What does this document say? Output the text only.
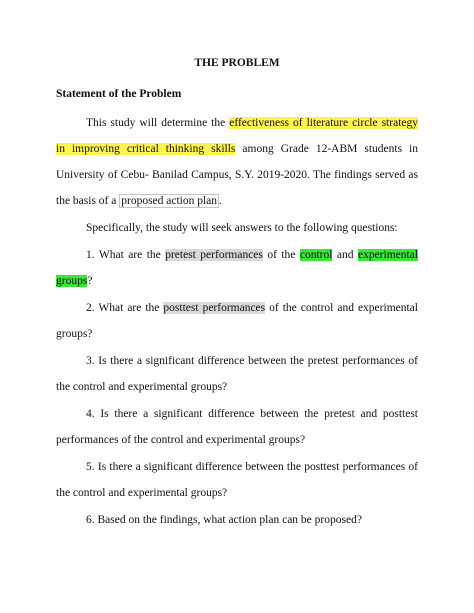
THE PROBLEM
Statement of the Problem

This study will determine the effectiveness of literature circle strategy in improving critical thinking skills among Grade 12-ABM students in University of Cebu- Banilad Campus, S.Y. 2019-2020. The findings served as the basis of a proposed action plan .

Specifically, the study will seek answers to the following questions:

1. What are the pretest performances of the control and experimental groups?

2. What are the posttest performances of the control and experimental groups?

3. Is there a significant difference between the pretest performances of the control and experimental groups?

4. Is there a significant difference between the pretest and posttest performances of the control and experimental groups?

5. Is there a significant difference between the posttest performances of the control and experimental groups?

6. Based on the findings, what action plan can be proposed?
